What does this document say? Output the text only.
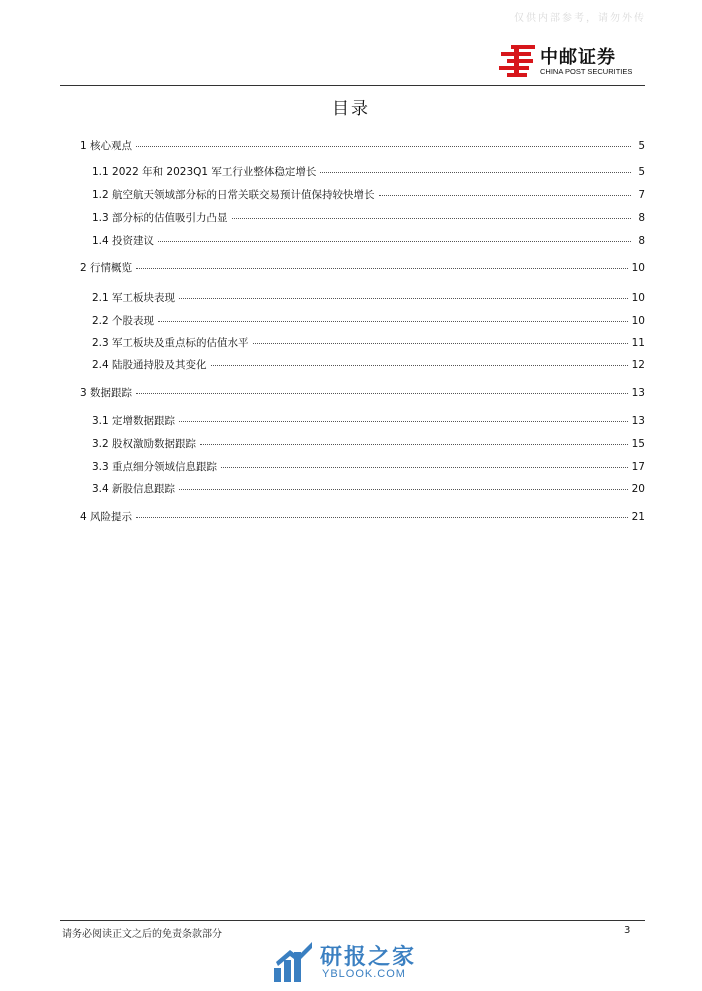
仅供内部参考，请勿外传
中邮证券
CHINA POST SECURITIES
目录
1 核心观点	5
1.1 2022 年和 2023Q1 军工行业整体稳定增长	5
1.2 航空航天领域部分标的日常关联交易预计值保持较快增长	7
1.3 部分标的估值吸引力凸显	8
1.4 投资建议	8
2 行情概览	10
2.1 军工板块表现	10
2.2 个股表现	10
2.3 军工板块及重点标的估值水平	11
2.4 陆股通持股及其变化	12
3 数据跟踪	13
3.1 定增数据跟踪	13
3.2 股权激励数据跟踪	15
3.3 重点细分领域信息跟踪	17
3.4 新股信息跟踪	20
4 风险提示	21
请务必阅读正文之后的免责条款部分	3
研报之家
YBLOOK.COM
